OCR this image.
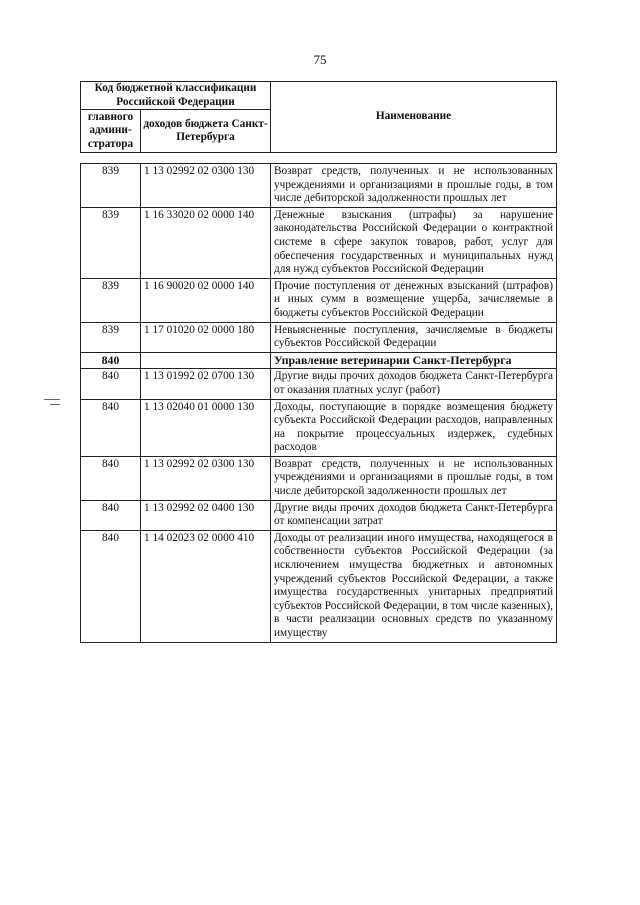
75
Код бюджетной классификации Российской Федерации		Наименование
главного админи-стратора	доходов бюджета Санкт-Петербурга	
839	1 13 02992 02 0300 130	Возврат средств, полученных и не использованных учреждениями и организациями в прошлые годы, в том числе дебиторской задолженности прошлых лет
839	1 16 33020 02 0000 140	Денежные взыскания (штрафы) за нарушение законодательства Российской Федерации о контрактной системе в сфере закупок товаров, работ, услуг для обеспечения государственных и муниципальных нужд для нужд субъектов Российской Федерации
839	1 16 90020 02 0000 140	Прочие поступления от денежных взысканий (штрафов) и иных сумм в возмещение ущерба, зачисляемые в бюджеты субъектов Российской Федерации
839	1 17 01020 02 0000 180	Невыясненные поступления, зачисляемые в бюджеты субъектов Российской Федерации
840		Управление ветеринарии Санкт-Петербурга
840	1 13 01992 02 0700 130	Другие виды прочих доходов бюджета Санкт-Петербурга от оказания платных услуг (работ)
840	1 13 02040 01 0000 130	Доходы, поступающие в порядке возмещения бюджету субъекта Российской Федерации расходов, направленных на покрытие процессуальных издержек, судебных расходов
840	1 13 02992 02 0300 130	Возврат средств, полученных и не использованных учреждениями и организациями в прошлые годы, в том числе дебиторской задолженности прошлых лет
840	1 13 02992 02 0400 130	Другие виды прочих доходов бюджета Санкт-Петербурга от компенсации затрат
840	1 14 02023 02 0000 410	Доходы от реализации иного имущества, находящегося в собственности субъектов Российской Федерации (за исключением имущества бюджетных и автономных учреждений субъектов Российской Федерации, а также имущества государственных унитарных предприятий субъектов Российской Федерации, в том числе казенных), в части реализации основных средств по указанному имуществу
